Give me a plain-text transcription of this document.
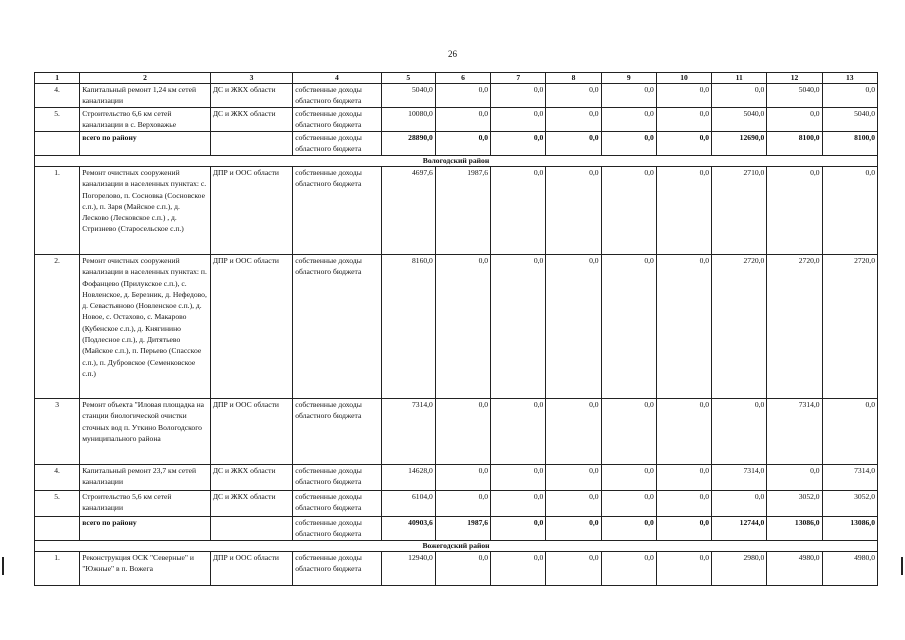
26
1	2	3	4	5	6	7	8	9	10	11	12	13
4.	Капитальный ремонт 1,24 км сетей канализации	ДС и ЖКХ области	собственные доходы областного бюджета	5040,0	0,0	0,0	0,0	0,0	0,0	0,0	5040,0	0,0
5.	Строительство 6,6 км сетей канализации в с. Верховажье	ДС и ЖКХ области	собственные доходы областного бюджета	10080,0	0,0	0,0	0,0	0,0	0,0	5040,0	0,0	5040,0
	всего по району		собственные доходы областного бюджета	28890,0	0,0	0,0	0,0	0,0	0,0	12690,0	8100,0	8100,0
Вологодский район												
1.	Ремонт очистных сооружений канализации в населенных пунктах: с. Погорелово, п. Сосновка (Сосновское с.п.), п. Заря (Майское с.п.), д. Лесково (Лесковское с.п.) , д. Стризнево (Старосельское с.п.)	ДПР и ООС области	собственные доходы областного бюджета	4697,6	1987,6	0,0	0,0	0,0	0,0	2710,0	0,0	0,0
2.	Ремонт очистных сооружений канализации в населенных пунктах: п. Фофанцево (Прилукское с.п.), с. Новленское, д. Березник, д. Нефедово, д. Севастьяново (Новленское с.п.), д. Новое, с. Остахово, с. Макарово (Кубенское с.п.), д. Княгинино (Подлесное с.п.), д. Дитятьево (Майское с.п.), п. Перьево (Спасское с.п.), п. Дубровское (Семенковское с.п.)	ДПР и ООС области	собственные доходы областного бюджета	8160,0	0,0	0,0	0,0	0,0	0,0	2720,0	2720,0	2720,0
3	Ремонт объекта "Иловая площадка на станции биологической очистки сточных вод п. Уткино Вологодского муниципального района	ДПР и ООС области	собственные доходы областного бюджета	7314,0	0,0	0,0	0,0	0,0	0,0	0,0	7314,0	0,0
4.	Капитальный ремонт 23,7 км сетей канализации	ДС и ЖКХ области	собственные доходы областного бюджета	14628,0	0,0	0,0	0,0	0,0	0,0	7314,0	0,0	7314,0
5.	Строительство 5,6 км сетей канализации	ДС и ЖКХ области	собственные доходы областного бюджета	6104,0	0,0	0,0	0,0	0,0	0,0	0,0	3052,0	3052,0
	всего по району		собственные доходы областного бюджета	40903,6	1987,6	0,0	0,0	0,0	0,0	12744,0	13086,0	13086,0
Вожегодский район												
1.	Реконструкция ОСК "Северные" и "Южные" в п. Вожега	ДПР и ООС области	собственные доходы областного бюджета	12940,0	0,0	0,0	0,0	0,0	0,0	2980,0	4980,0	4980,0
